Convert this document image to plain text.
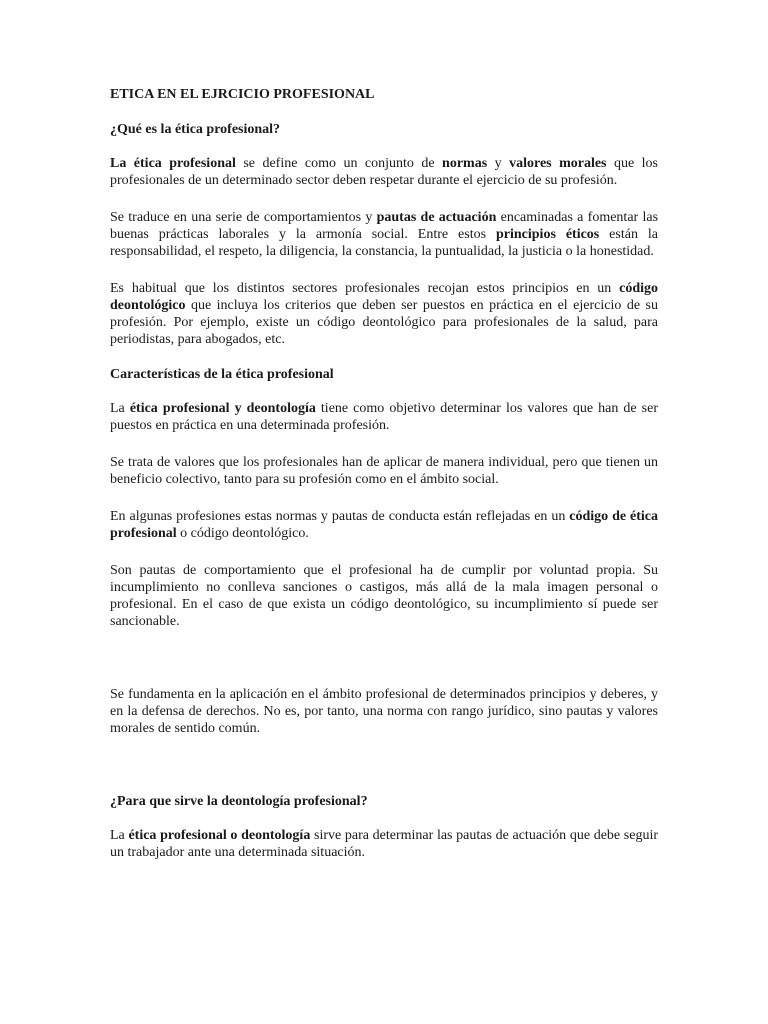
ETICA EN EL EJRCICIO PROFESIONAL
¿Qué es la ética profesional?

La ética profesional se define como un conjunto de normas y valores morales que los profesionales de un determinado sector deben respetar durante el ejercicio de su profesión.

Se traduce en una serie de comportamientos y pautas de actuación encaminadas a fomentar las buenas prácticas laborales y la armonía social. Entre estos principios éticos están la responsabilidad, el respeto, la diligencia, la constancia, la puntualidad, la justicia o la honestidad.

Es habitual que los distintos sectores profesionales recojan estos principios en un código deontológico que incluya los criterios que deben ser puestos en práctica en el ejercicio de su profesión. Por ejemplo, existe un código deontológico para profesionales de la salud, para periodistas, para abogados, etc.

Características de la ética profesional

La ética profesional y deontología tiene como objetivo determinar los valores que han de ser puestos en práctica en una determinada profesión.

Se trata de valores que los profesionales han de aplicar de manera individual, pero que tienen un beneficio colectivo, tanto para su profesión como en el ámbito social.

En algunas profesiones estas normas y pautas de conducta están reflejadas en un código de ética profesional o código deontológico.

Son pautas de comportamiento que el profesional ha de cumplir por voluntad propia. Su incumplimiento no conlleva sanciones o castigos, más allá de la mala imagen personal o profesional. En el caso de que exista un código deontológico, su incumplimiento sí puede ser sancionable.

Se fundamenta en la aplicación en el ámbito profesional de determinados principios y deberes, y en la defensa de derechos. No es, por tanto, una norma con rango jurídico, sino pautas y valores morales de sentido común.

¿Para que sirve la deontología profesional?

La ética profesional o deontología sirve para determinar las pautas de actuación que debe seguir un trabajador ante una determinada situación.
